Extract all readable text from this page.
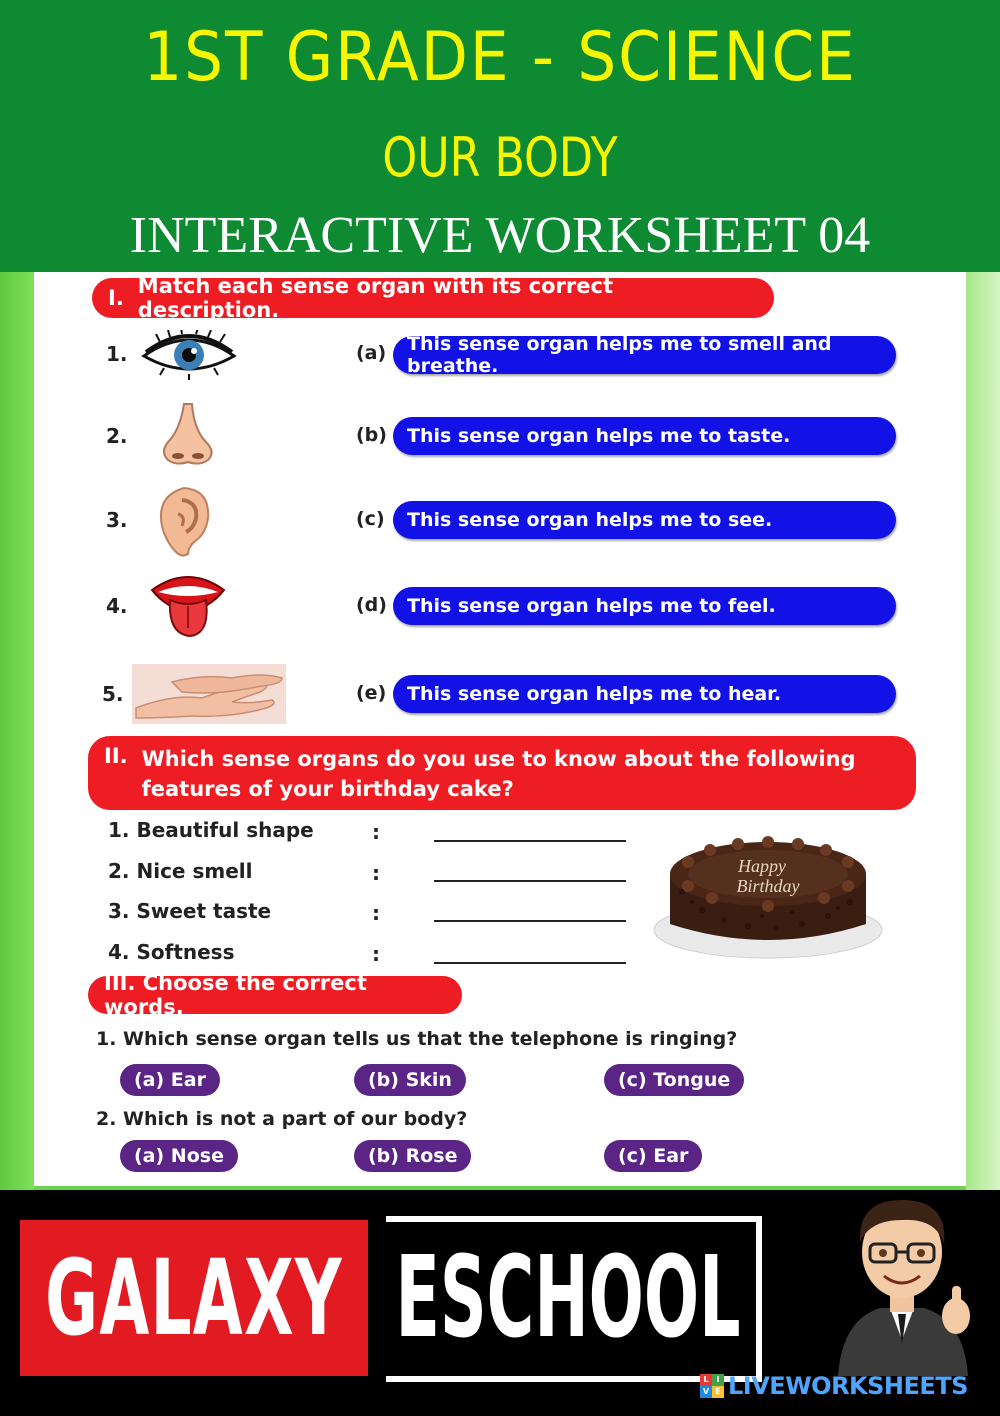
1ST GRADE - SCIENCE
OUR BODY
INTERACTIVE WORKSHEET 04
I. Match each sense organ with its correct description.
1.	(a)	This sense organ helps me to smell and breathe.
2.	(b)	This sense organ helps me to taste.
3.	(c)	This sense organ helps me to see.
4.	(d)	This sense organ helps me to feel.
5.	(e)	This sense organ helps me to hear.
II. Which sense organs do you use to know about the following
features of your birthday cake?
1. Beautiful shape	:
2. Nice smell	:
3. Sweet taste	:
4. Softness	:
Happy
Birthday
III. Choose the correct words.
1. Which sense organ tells us that the telephone is ringing?
(a) Ear	(b) Skin	(c) Tongue
2. Which is not a part of our body?
(a) Nose	(b) Rose	(c) Ear
GALAXY ESCHOOL
L I
V E LIVEWORKSHEETS
